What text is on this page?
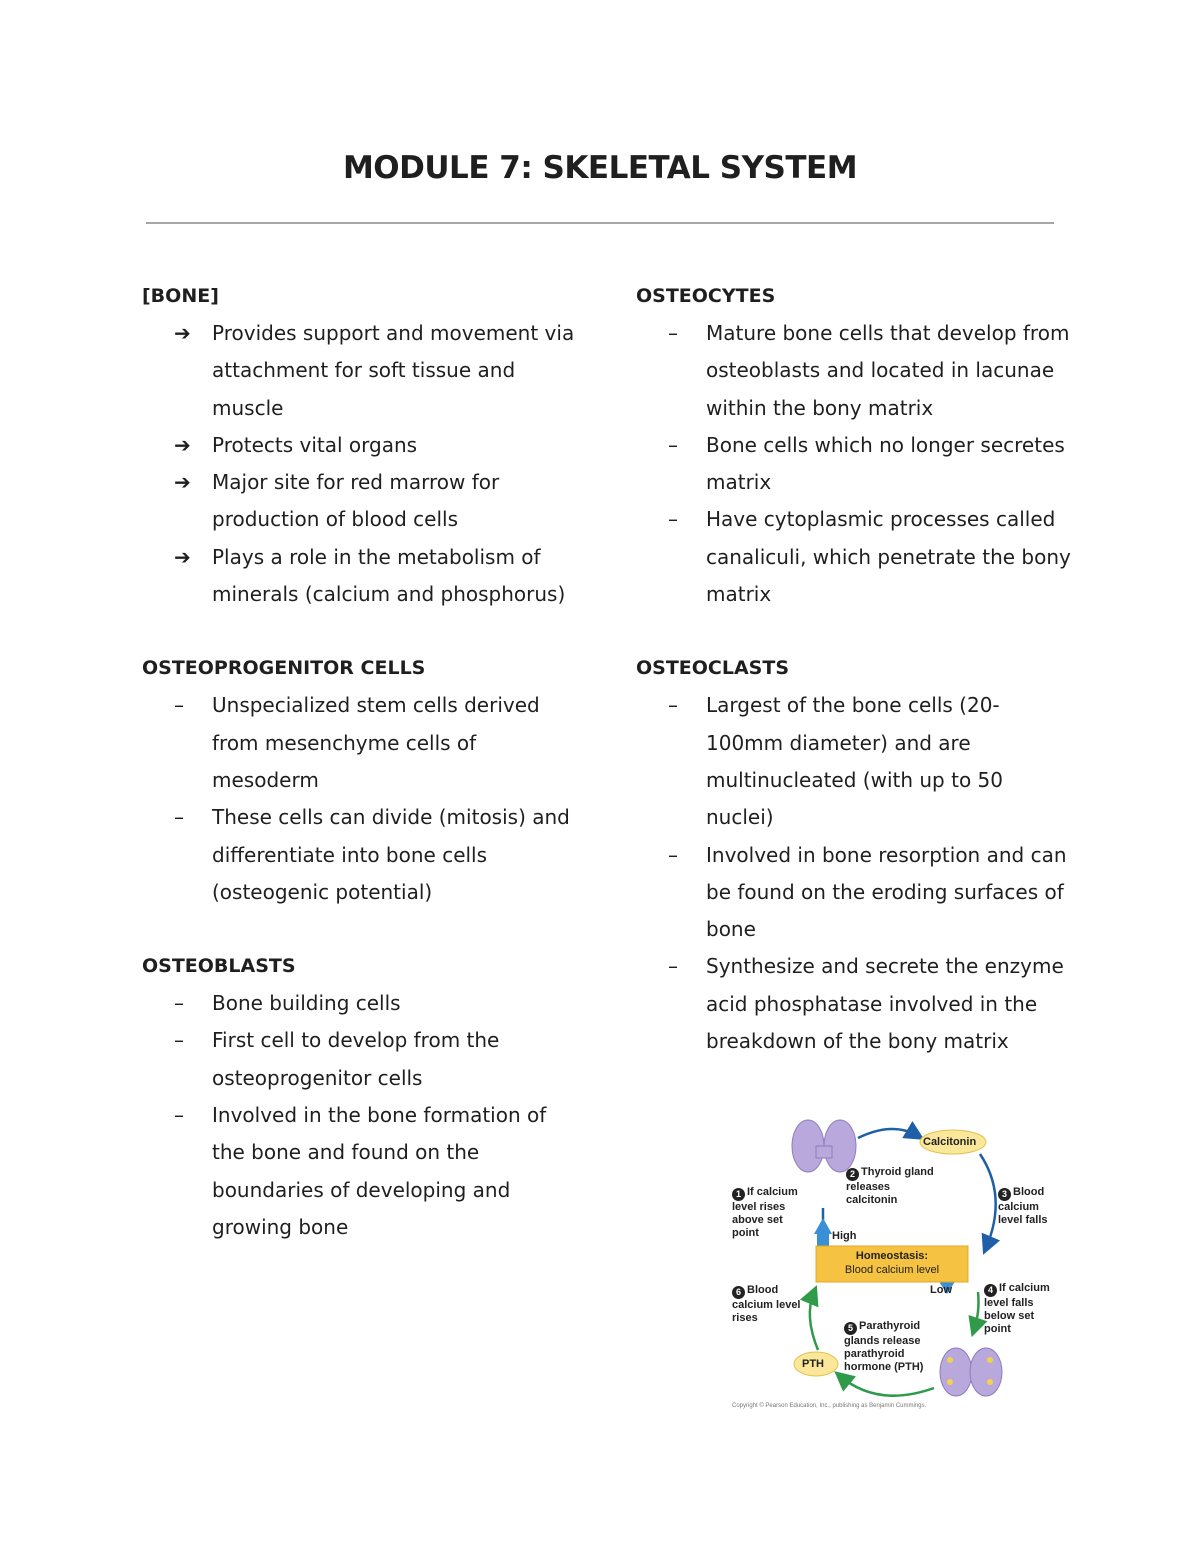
MODULE 7: SKELETAL SYSTEM

[BONE]

➔	Provides support and movement via attachment for soft tissue and muscle
➔	Protects vital organs
➔	Major site for red marrow for production of blood cells
➔	Plays a role in the metabolism of minerals (calcium and phosphorus)

OSTEOPROGENITOR CELLS

–	Unspecialized stem cells derived from mesenchyme cells of mesoderm
–	These cells can divide (mitosis) and differentiate into bone cells (osteogenic potential)

OSTEOBLASTS

–	Bone building cells
–	First cell to develop from the osteoprogenitor cells
–	Involved in the bone formation of the bone and found on the boundaries of developing and growing bone

OSTEOCYTES

–	Mature bone cells that develop from osteoblasts and located in lacunae within the bony matrix
–	Bone cells which no longer secretes matrix
–	Have cytoplasmic processes called canaliculi, which penetrate the bony matrix

OSTEOCLASTS

–	Largest of the bone cells (20-100mm diameter) and are multinucleated (with up to 50 nuclei)
–	Involved in bone resorption and can be found on the eroding surfaces of bone
–	Synthesize and secrete the enzyme acid phosphatase involved in the breakdown of the bony matrix
Calcitonin
PTH
Homeostasis:
Blood calcium level
High
Low
1 If calcium level rises above set point
2 Thyroid gland releases calcitonin	3 Blood calcium level falls
4 If calcium level falls below set point
5 Parathyroid glands release parathyroid hormone (PTH)
6 Blood calcium level rises
Copyright © Pearson Education, Inc., publishing as Benjamin Cummings.
